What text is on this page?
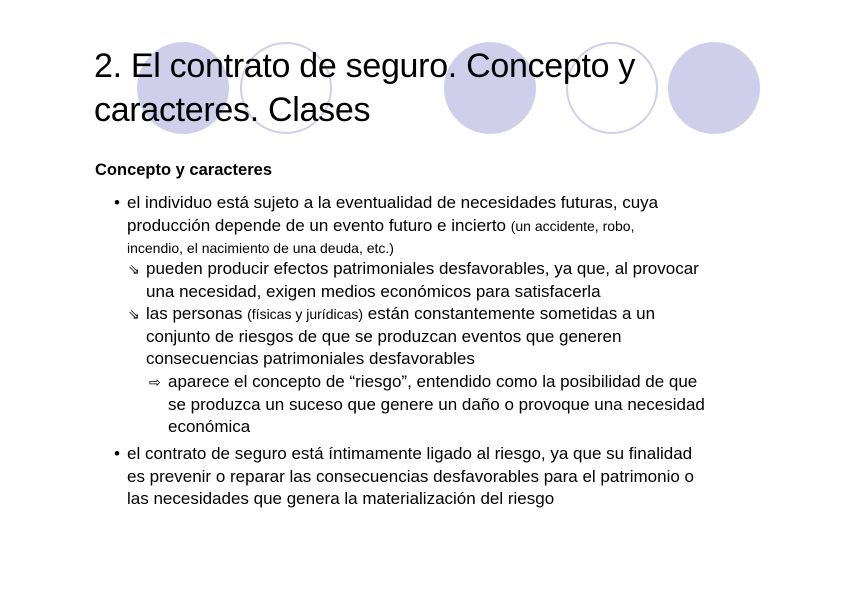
2. El contrato de seguro. Concepto y
caracteres. Clases
Concepto y caracteres
• el individuo está sujeto a la eventualidad de necesidades futuras, cuya
producción depende de un evento futuro e incierto (un accidente, robo,
incendio, el nacimiento de una deuda, etc.)
⇘ pueden producir efectos patrimoniales desfavorables, ya que, al provocar
una necesidad, exigen medios económicos para satisfacerla
⇘ las personas (físicas y jurídicas) están constantemente sometidas a un
conjunto de riesgos de que se produzcan eventos que generen
consecuencias patrimoniales desfavorables
⇨ aparece el concepto de “riesgo”, entendido como la posibilidad de que
se produzca un suceso que genere un daño o provoque una necesidad
económica
• el contrato de seguro está íntimamente ligado al riesgo, ya que su finalidad
es prevenir o reparar las consecuencias desfavorables para el patrimonio o
las necesidades que genera la materialización del riesgo
